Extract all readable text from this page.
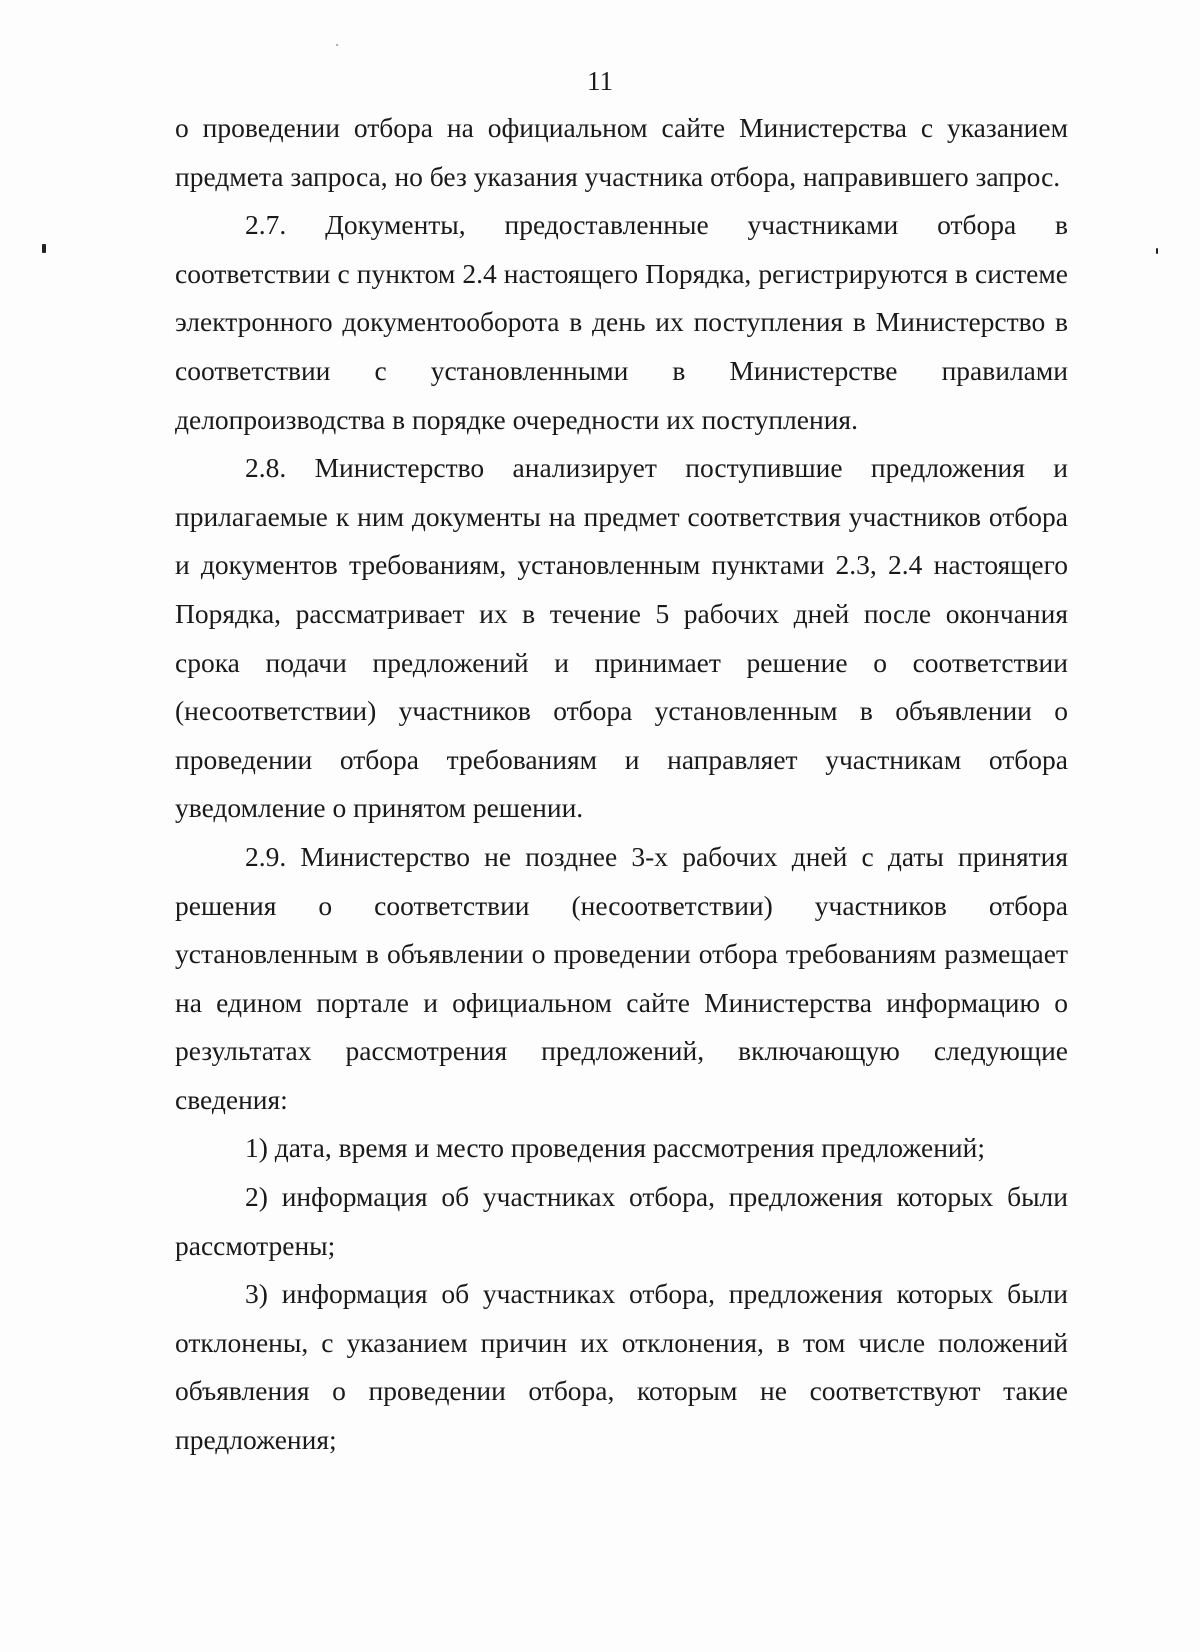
11

о проведении отбора на официальном сайте Министерства с указанием предмета запроса, но без указания участника отбора, направившего запрос.

2.7. Документы, предоставленные участниками отбора в соответствии с пунктом 2.4 настоящего Порядка, регистрируются в системе электронного документооборота в день их поступления в Министерство в соответствии с установленными в Министерстве правилами делопроизводства в порядке очередности их поступления.

2.8. Министерство анализирует поступившие предложения и прилагаемые к ним документы на предмет соответствия участников отбора и документов требованиям, установленным пунктами 2.3, 2.4 настоящего Порядка, рассматривает их в течение 5 рабочих дней после окончания срока подачи предложений и принимает решение о соответствии (несоответствии) участников отбора установленным в объявлении о проведении отбора требованиям и направляет участникам отбора уведомление о принятом решении.

2.9. Министерство не позднее 3-х рабочих дней с даты принятия решения о соответствии (несоответствии) участников отбора установленным в объявлении о проведении отбора требованиям размещает на едином портале и официальном сайте Министерства информацию о результатах рассмотрения предложений, включающую следующие сведения:

1) дата, время и место проведения рассмотрения предложений;

2) информация об участниках отбора, предложения которых были рассмотрены;

3) информация об участниках отбора, предложения которых были отклонены, с указанием причин их отклонения, в том числе положений объявления о проведении отбора, которым не соответствуют такие предложения;
